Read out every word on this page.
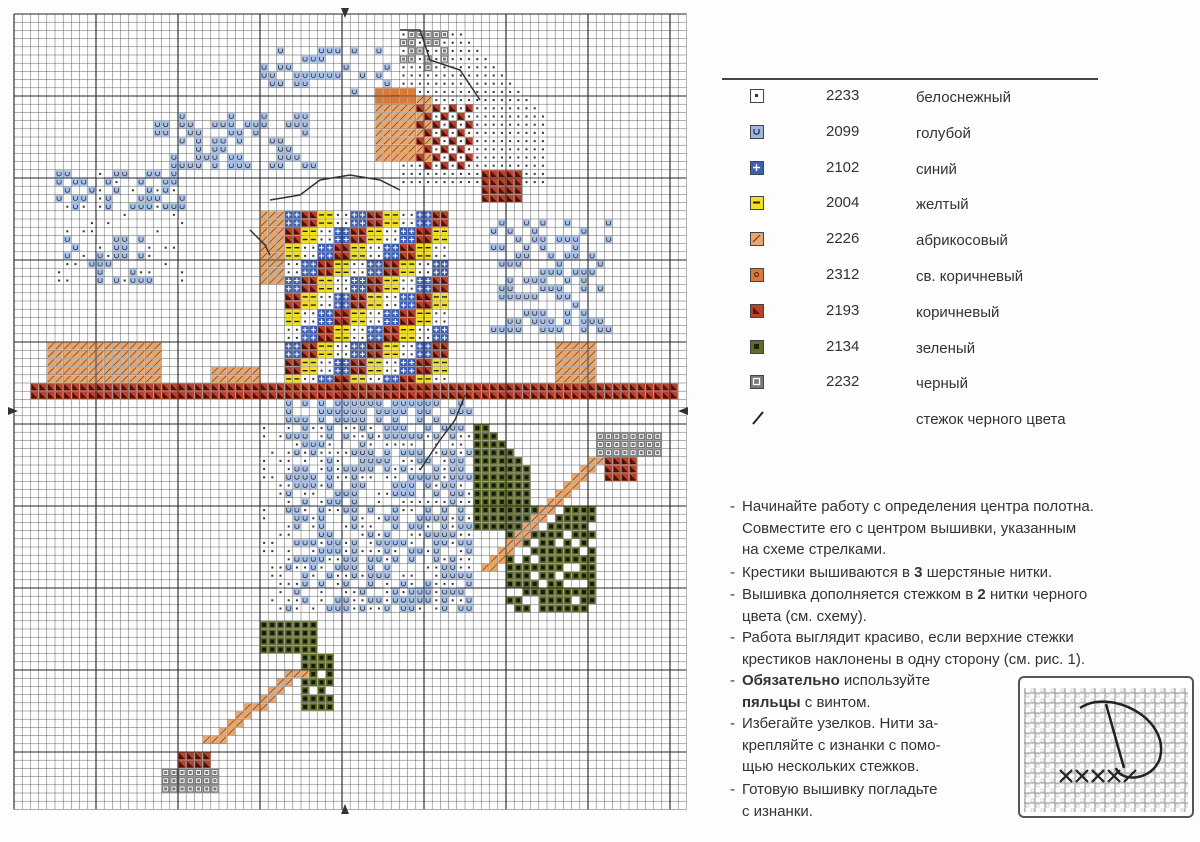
2233	белоснежный
2099	голубой
2102	синий
2004	желтый
2226	абрикосовый
2312	св. коричневый
2193	коричневый
2134	зеленый
2232	черный
стежок черного цвета
- Начинайте работу с определения центра полотна.
Совместите его с центром вышивки, указанным
на схеме стрелками.
- Крестики вышиваются в 3 шерстяные нитки.
- Вышивка дополняется стежком в 2 нитки черного
цвета (см. схему).
- Работа выглядит красиво, если верхние стежки
крестиков наклонены в одну сторону (см. рис. 1).
- Обязательно используйте
пяльцы с винтом.
- Избегайте узелков. Нити за-
крепляйте с изнанки с помо-
щью нескольких стежков.
- Готовую вышивку погладьте
с изнанки.
